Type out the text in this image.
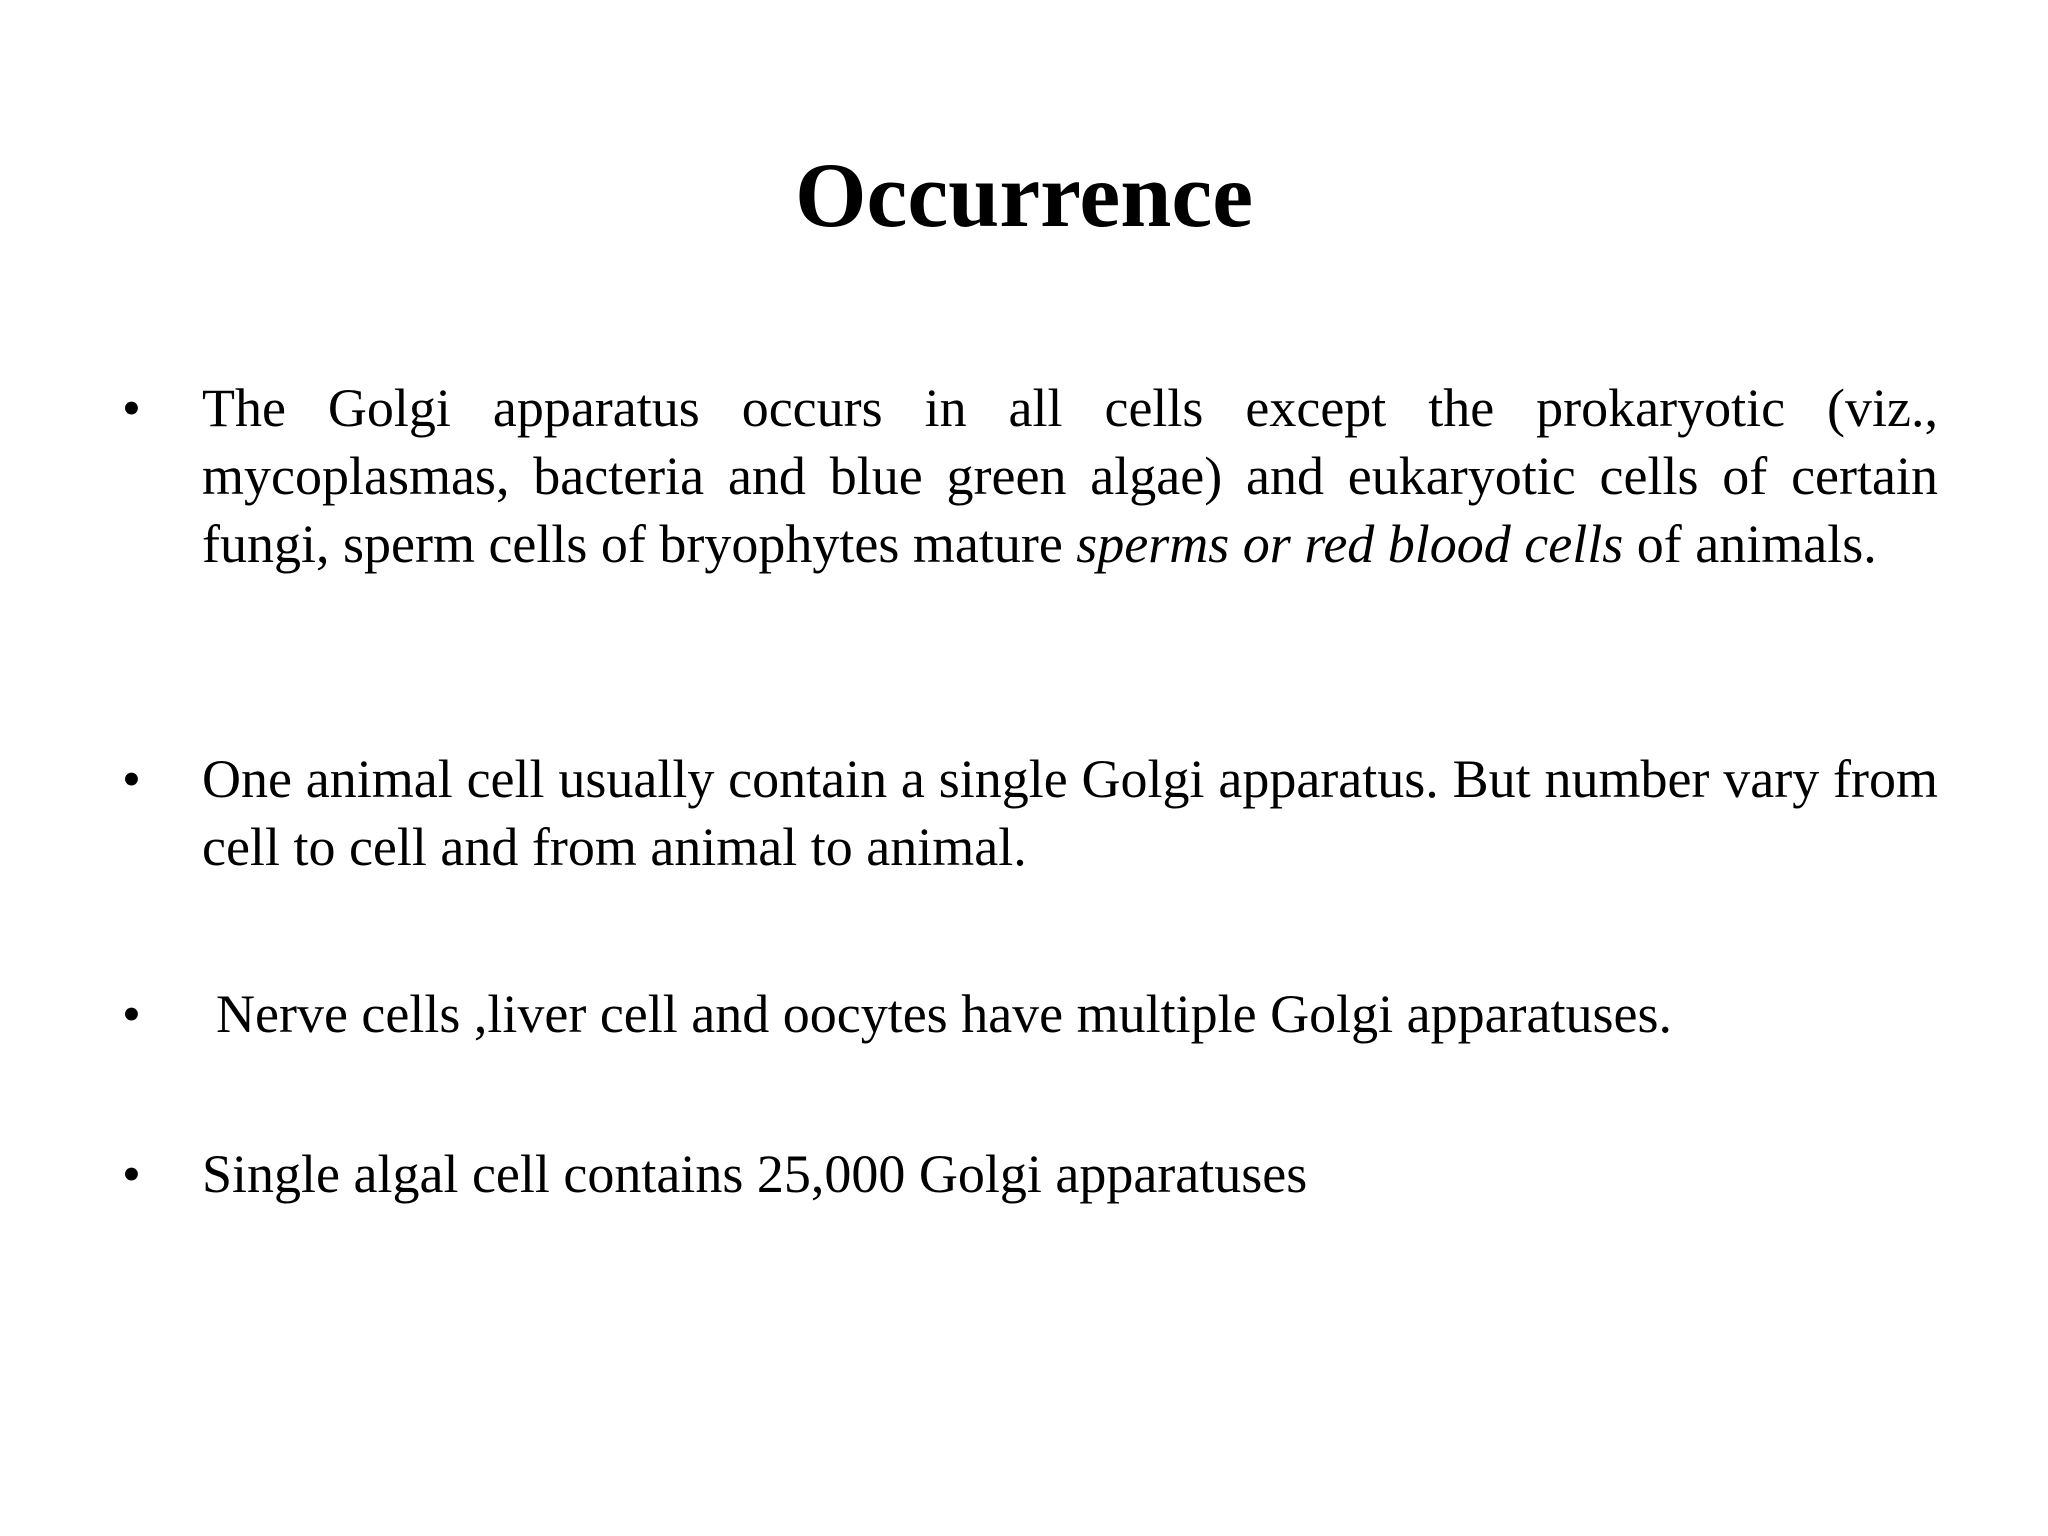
Occurrence
• The Golgi apparatus occurs in all cells except the prokaryotic (viz., mycoplasmas, bacteria and blue green algae) and eukaryotic cells of certain fungi, sperm cells of bryophytes mature sperms or red blood cells of animals.

• One animal cell usually contain a single Golgi apparatus. But number vary from cell to cell and from animal to animal.

• Nerve cells ,liver cell and oocytes have multiple Golgi apparatuses.

• Single algal cell contains 25,000 Golgi apparatuses
